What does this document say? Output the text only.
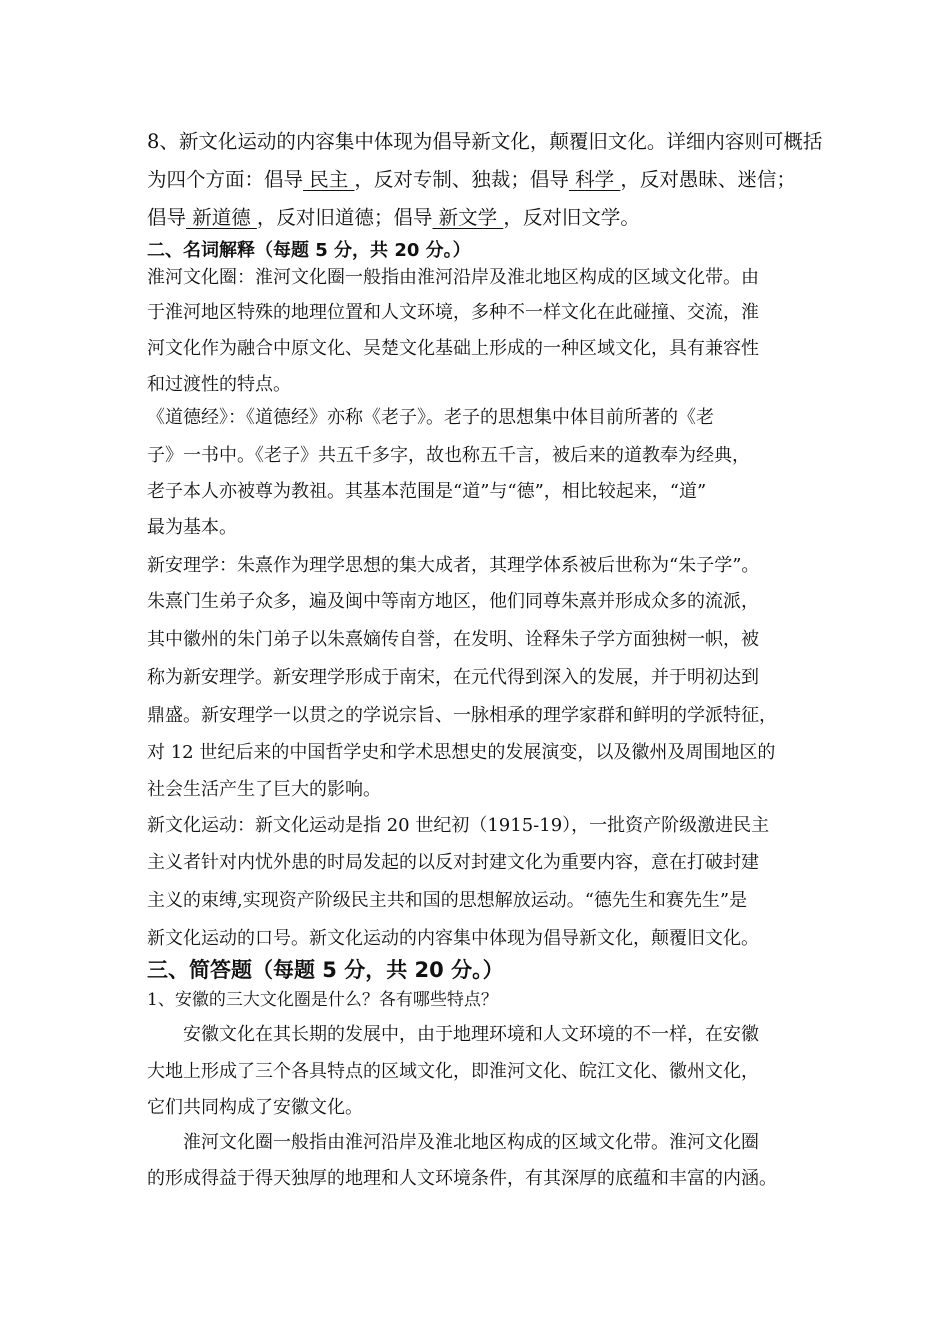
8、新文化运动的内容集中体现为倡导新文化，颠覆旧文化。详细内容则可概括
为四个方面：倡导 民主 ，反对专制、独裁；倡导 科学 ，反对愚昧、迷信；
倡导 新道德 ，反对旧道德；倡导 新文学 ，反对旧文学。
二、名词解释（每题 5 分，共 20 分。）
淮河文化圈：淮河文化圈一般指由淮河沿岸及淮北地区构成的区域文化带。由
于淮河地区特殊的地理位置和人文环境，多种不一样文化在此碰撞、交流，淮
河文化作为融合中原文化、吴楚文化基础上形成的一种区域文化，具有兼容性
和过渡性的特点。
《道德经》：《道德经》亦称《老子》。老子的思想集中体目前所著的《老
子》一书中。《老子》共五千多字，故也称五千言，被后来的道教奉为经典，
老子本人亦被尊为教祖。其基本范围是“道”与“德”，相比较起来，“道”
最为基本。
新安理学：朱熹作为理学思想的集大成者，其理学体系被后世称为“朱子学”。
朱熹门生弟子众多，遍及闽中等南方地区，他们同尊朱熹并形成众多的流派，
其中徽州的朱门弟子以朱熹嫡传自誉，在发明、诠释朱子学方面独树一帜，被
称为新安理学。新安理学形成于南宋，在元代得到深入的发展，并于明初达到
鼎盛。新安理学一以贯之的学说宗旨、一脉相承的理学家群和鲜明的学派特征，
对 12 世纪后来的中国哲学史和学术思想史的发展演变，以及徽州及周围地区的
社会生活产生了巨大的影响。
新文化运动：新文化运动是指 20 世纪初（1915-19），一批资产阶级激进民主
主义者针对内忧外患的时局发起的以反对封建文化为重要内容，意在打破封建
主义的束缚,实现资产阶级民主共和国的思想解放运动。“德先生和赛先生”是
新文化运动的口号。新文化运动的内容集中体现为倡导新文化，颠覆旧文化。
三、简答题（每题 5 分，共 20 分。）
1、安徽的三大文化圈是什么？各有哪些特点？
　安徽文化在其长期的发展中，由于地理环境和人文环境的不一样，在安徽
大地上形成了三个各具特点的区域文化，即淮河文化、皖江文化、徽州文化，
它们共同构成了安徽文化。
　淮河文化圈一般指由淮河沿岸及淮北地区构成的区域文化带。淮河文化圈
的形成得益于得天独厚的地理和人文环境条件，有其深厚的底蕴和丰富的内涵。
